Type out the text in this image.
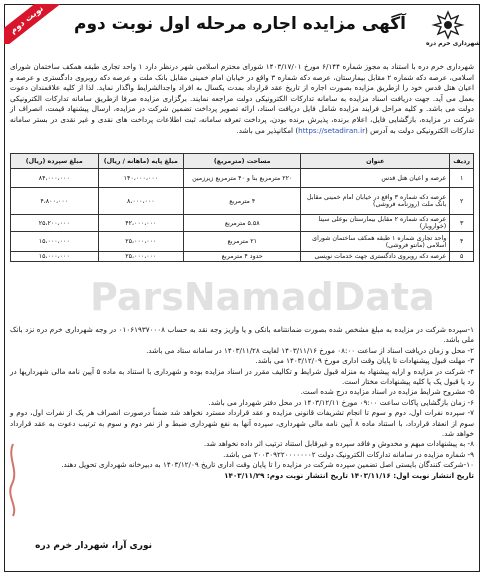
نوبت دوم
شهرداری خرم دره
آگهی مزایده اجاره مرحله اول نوبت دوم
شهرداری خرم دره با استناد به مجوز شماره ۶/۱۴۴ مورخ ۱۴۰۳/۱۷/۰۱ شورای محترم اسلامی شهر درنظر دارد ۱ واحد تجاری طبقه همکف ساختمان شورای اسلامی، عرصه دکه شماره ۲ مقابل بیمارستان، عرصه دکه شماره ۳ واقع در خیابان امام خمینی مقابل بانک ملت و عرصه دکه روبروی دادگستری و عرصه و اعیان هتل قدس خود را ازطریق مزایده بصورت اجاره از تاریخ عقد قرارداد بمدت یکسال به افراد واجدالشرایط واگذار نماید. لذا از کلیه علاقمندان دعوت بعمل می آید. جهت دریافت اسناد مزایده به سامانه تدارکات الکترونیکی دولت مراجعه نمایند. برگزاری مزایده صرفا ازطریق سامانه تدارکات الکترونیکی دولت می باشد. و کلیه مراحل فرایند مزایده شامل فایل دریافت اسناد، ارائه تصویر پرداخت تضمین شرکت در مزایده، ارسال پیشنهاد قیمت، انصراف از شرکت در مزایده، بازگشایی فایل، اعلام برنده، پذیرش برنده بودن، پرداخت تعرفه سامانه، ثبت اطلاعات پرداخت های نقدی و غیر نقدی در بستر سامانه تدارکات الکترونیکی دولت به آدرس (https://setadiran.ir) امکانپذیر می باشد.
ParsNamadData
ردیف	عنوان	مساحت (مترمربع)	مبلغ پایه (ماهانه / ریال)	مبلغ سپرده (ریال)
۱	عرصه و اعیان هتل قدس	۲۲۰ مترمربع بنا و ۴۰ مترمربع زیرزمین	۱۴۰،۰۰۰،۰۰۰	۸۴،۰۰۰،۰۰۰
۲	عرصه دکه شماره ۳ واقع در خیابان امام خمینی مقابل بانک ملت (روزنامه فروشی)	۴ مترمربع	۸،۰۰۰،۰۰۰	۴،۸۰۰،۰۰۰
۳	عرصه دکه شماره ۲ مقابل بیمارستان بوعلی سینا (خواروبار)	۵.۵۸ مترمربع	۴۲،۰۰۰،۰۰۰	۲۵،۲۰۰،۰۰۰
۴	واحد تجاری شماره ۱ طبقه همکف ساختمان شورای اسلامی (مانتو فروشی)	۲۱ مترمربع	۲۵،۰۰۰،۰۰۰	۱۵،۰۰۰،۰۰۰
۵	عرصه دکه روبروی دادگستری جهت خدمات نویسی	حدود ۴ مترمربع	۲۵،۰۰۰،۰۰۰	۱۵،۰۰۰،۰۰۰

۱-سپرده شرکت در مزایده به مبلغ مشخص شده بصورت ضمانتنامه بانکی و یا واریز وجه نقد به حساب ۰۱۰۶۱۹۳۷۰۰۰۸ در وجه شهرداری خرم دره نزد بانک ملی باشد.

۲- محل و زمان دریافت اسناد از ساعت ۰۸:۰۰ مورخ ۱۴۰۳/۱۱/۱۶ لغایت ۱۴۰۳/۱۱/۲۸ در سامانه ستاد می باشد.

۳- مهلت قبول پیشنهادات تا پایان وقت اداری مورخ ۱۴۰۳/۱۲/۰۹ می باشد.

۴- شرکت در مزایده و ارایه پیشنهاد به منزله قبول شرایط و تکالیف مقرر در اسناد مزایده بوده و شهرداری با استناد به ماده ۵ آیین نامه مالی شهرداریها در رد یا قبول یک یا کلیه پیشنهادات مختار است.

۵- مشروح شرایط مزایده در اسناد مزایده درج شده است.

۶- زمان بازگشایی پاکات ساعت ۰۹:۰۰ مورخ ۱۴۰۳/۱۲/۱۱ در محل دفتر شهردار می باشد.

۷- سپرده نفرات اول، دوم و سوم تا انجام تشریفات قانونی مزایده و عقد قرارداد مسترد نخواهد شد ضمناً درصورت انصراف هر یک از نفرات اول، دوم و سوم از انعقاد قرارداد، با استناد ماده ۸ آیین نامه مالی شهرداری، سپرده آنها به نفع شهرداری ضبط و از نفر دوم و سوم به ترتیب دعوت به عقد قرارداد خواهد شد.

۸- به پیشنهادات مبهم و مخدوش و فاقد سپرده و غیرقابل استناد ترتیب اثر داده نخواهد شد.

۹- شماره مزایده در سامانه تدارکات الکترونیک دولت ۲۰۰۳۰۹۲۲۰۰۰۰۰۰۰۲ می باشد.

۱۰-شرکت کنندگان بایستی اصل تضمین سپرده شرکت در مزایده را تا پایان وقت اداری تاریخ ۱۴۰۳/۱۲/۰۹ به دبیرخانه شهرداری تحویل دهند.

تاریخ انتشار نوبت اول: ۱۴۰۳/۱۱/۱۶ تاریخ انتشار نوبت دوم: ۱۴۰۳/۱۱/۲۹

نوری آرا، شهردار خرم دره
